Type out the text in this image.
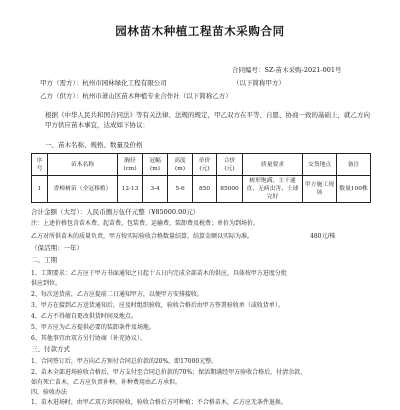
园林苗木种植工程苗木采购合同
合同编号：SZ-苗木采购-2021-001号
甲方（需方）：杭州市园林绿化工程有限公司	（以下简称甲方）
乙方（供方）：杭州市萧山区苗木种植专业合作社（以下简称乙方）
根据《中华人民共和国合同法》等有关法律、法规的规定，甲乙双方在平等、自愿、协商一致的基础上，就乙方向甲方供应苗木事宜，达成如下协议：
一、苗木名称、规格、数量及价格
序号	苗木名称	胸径(cm)	冠幅(m)	高度(m)	单价(元)	合价(元)	质量要求	交货地点	备注
1	香樟树苗（全冠移植）	12-13	3-4	5-6	850	85000	树形饱满、主干通直、无病虫害、土球完好	甲方施工现场	数量100株
合计金额（大写）：人民币捌万伍仟元整（¥85000.00元）
注：上述价格包含苗木费、起苗费、包装费、运输费、装卸费及税费；单价为到场价。
乙方对所供苗木的质量负责，甲方按实际验收合格数量结算，结算金额以实际为准。	480元/株
（保活期：一年）
二、工期
1、工期要求：乙方应于甲方书面通知之日起十五日内完成全部苗木的供应，具体按甲方进度分批
供应到位。
2、每次送货前，乙方应提前二日通知甲方，以便甲方安排接收。
3、甲方在接到乙方送货通知后，应及时组织验收，验收合格后由甲方签署验收单（或收货单）。
4、乙方不得擅自更改供货时间及地点。
5、甲方应为乙方提供必要的装卸条件及场地。
6、其他事宜由双方另行协商（补充协议）。
三、付款方式
1、合同签订后，甲方向乙方预付合同总价款的20%，即17000元整。
2、苗木全部进场验收合格后，甲方支付至合同总价款的70%；保活期满经甲方验收合格后，付清余款，
如有死亡苗木，乙方应负责补种，补种费用由乙方承担。
四、验收办法
1、苗木进场时，由甲乙双方共同验收，验收合格后方可种植；不合格苗木，乙方应无条件退换。
